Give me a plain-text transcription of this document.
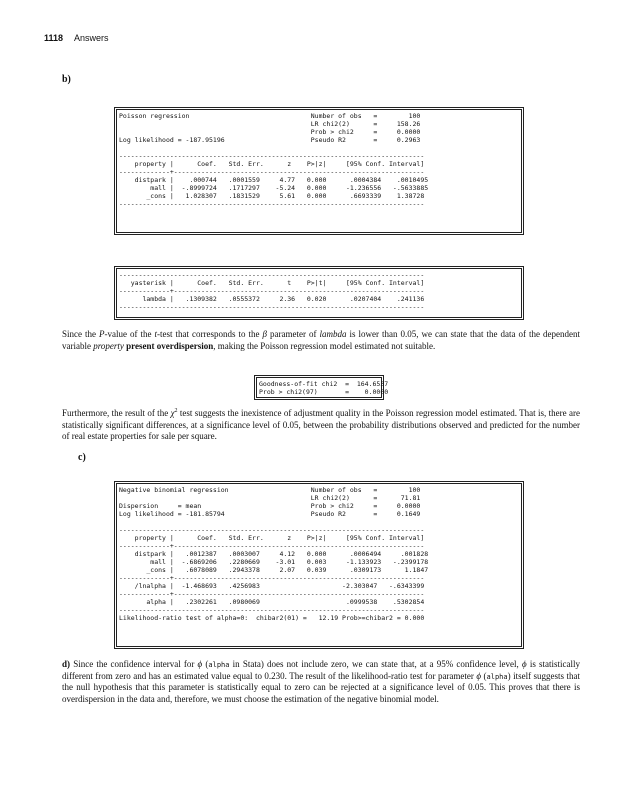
1118 Answers
b)
Poisson regression                               Number of obs   =        100
LR chi2(2)      =     158.26
Prob > chi2     =     0.0000
Log likelihood = -187.95196                      Pseudo R2       =     0.2963
------------------------------------------------------------------------------
property |      Coef.   Std. Err.      z    P>|z|     [95% Conf. Interval]
-------------+----------------------------------------------------------------
distpark |    .000744   .0001559     4.77   0.000      .0004384    .0010495
mall |  -.8999724   .1717297    -5.24   0.000     -1.236556   -.5633885
_cons |   1.028307   .1831529     5.61   0.000      .6693339    1.38728
------------------------------------------------------------------------------
------------------------------------------------------------------------------
yasterisk |      Coef.   Std. Err.      t    P>|t|     [95% Conf. Interval]
-------------+----------------------------------------------------------------
lambda |   .1309382   .0555372     2.36   0.020      .0207404    .241136
------------------------------------------------------------------------------

Since the P-value of the t-test that corresponds to the β parameter of lambda is lower than 0.05, we can state that the data of the dependent variable property present overdispersion, making the Poisson regression model estimated not suitable.

Goodness-of-fit chi2  =  164.6537
Prob > chi2(97)       =    0.0000

Furthermore, the result of the $\chi^2$ test suggests the inexistence of adjustment quality in the Poisson regression model estimated. That is, there are statistically significant differences, at a significance level of 0.05, between the probability distributions observed and predicted for the number of real estate properties for sale per square.

c)
Negative binomial regression                     Number of obs   =        100
LR chi2(2)      =      71.81
Dispersion     = mean                            Prob > chi2     =     0.0000
Log likelihood = -181.85794                      Pseudo R2       =     0.1649
------------------------------------------------------------------------------
property |      Coef.   Std. Err.      z    P>|z|     [95% Conf. Interval]
-------------+----------------------------------------------------------------
distpark |   .0012387   .0003007     4.12   0.000      .0006494     .001828
mall |  -.6869206   .2280669    -3.01   0.003     -1.133923   -.2399178
_cons |   .6078089   .2943378     2.07   0.039      .0309173      1.1847
-------------+----------------------------------------------------------------
/lnalpha |  -1.468693   .4256983                     -2.303047   -.6343399
-------------+----------------------------------------------------------------
alpha |   .2302261   .0980069                      .0999538    .5302854
------------------------------------------------------------------------------
Likelihood-ratio test of alpha=0:  chibar2(01) =   12.19 Prob>=chibar2 = 0.000

d) Since the confidence interval for ϕ (alpha in Stata) does not include zero, we can state that, at a 95% confidence level, ϕ is statistically different from zero and has an estimated value equal to 0.230. The result of the likelihood-ratio test for parameter ϕ (alpha) itself suggests that the null hypothesis that this parameter is statistically equal to zero can be rejected at a significance level of 0.05. This proves that there is overdispersion in the data and, therefore, we must choose the estimation of the negative binomial model.
